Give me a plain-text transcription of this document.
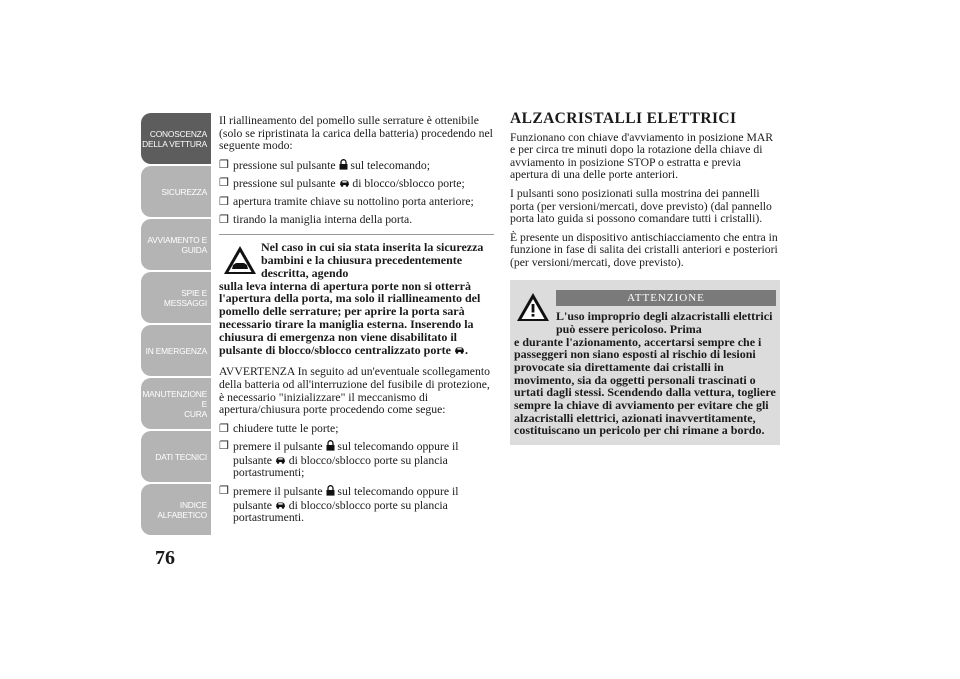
CONOSCENZA
DELLA VETTURA
SICUREZZA
AVVIAMENTO E
GUIDA
SPIE E MESSAGGI
IN EMERGENZA
MANUTENZIONE E
CURA
DATI TECNICI
INDICE
ALFABETICO
76

Il riallineamento del pomello sulle serrature è ottenibile (solo se ripristinata la carica della batteria) procedendo nel seguente modo:

❐ pressione sul pulsante  sul telecomando;
❐ pressione sul pulsante  di blocco/sblocco porte;
❐ apertura tramite chiave su nottolino porta anteriore;
❐ tirando la maniglia interna della porta.
Nel caso in cui sia stata inserita la sicurezza bambini e la chiusura precedentemente descritta, agendo
sulla leva interna di apertura porte non si otterrà l'apertura della porta, ma solo il riallineamento del pomello delle serrature; per aprire la porta sarà necessario tirare la maniglia esterna. Inserendo la chiusura di emergenza non viene disabilitato il pulsante di blocco/sblocco centralizzato porte .

AVVERTENZA In seguito ad un'eventuale scollegamento della batteria od all'interruzione del fusibile di protezione, è necessario "inizializzare" il meccanismo di apertura/chiusura porte procedendo come segue:

❐ chiudere tutte le porte;
❐ premere il pulsante  sul telecomando oppure il pulsante  di blocco/sblocco porte su plancia portastrumenti;
❐ premere il pulsante  sul telecomando oppure il pulsante  di blocco/sblocco porte su plancia portastrumenti.
ALZACRISTALLI ELETTRICI

Funzionano con chiave d'avviamento in posizione MAR e per circa tre minuti dopo la rotazione della chiave di avviamento in posizione STOP o estratta e previa apertura di una delle porte anteriori.

I pulsanti sono posizionati sulla mostrina dei pannelli porta (per versioni/mercati, dove previsto) (dal pannello porta lato guida si possono comandare tutti i cristalli).

È presente un dispositivo antischiacciamento che entra in funzione in fase di salita dei cristalli anteriori e posteriori (per versioni/mercati, dove previsto).

ATTENZIONE
L'uso improprio degli alzacristalli elettrici può essere pericoloso. Prima
e durante l'azionamento, accertarsi sempre che i passeggeri non siano esposti al rischio di lesioni provocate sia direttamente dai cristalli in movimento, sia da oggetti personali trascinati o urtati dagli stessi. Scendendo dalla vettura, togliere sempre la chiave di avviamento per evitare che gli alzacristalli elettrici, azionati inavvertitamente, costituiscano un pericolo per chi rimane a bordo.
